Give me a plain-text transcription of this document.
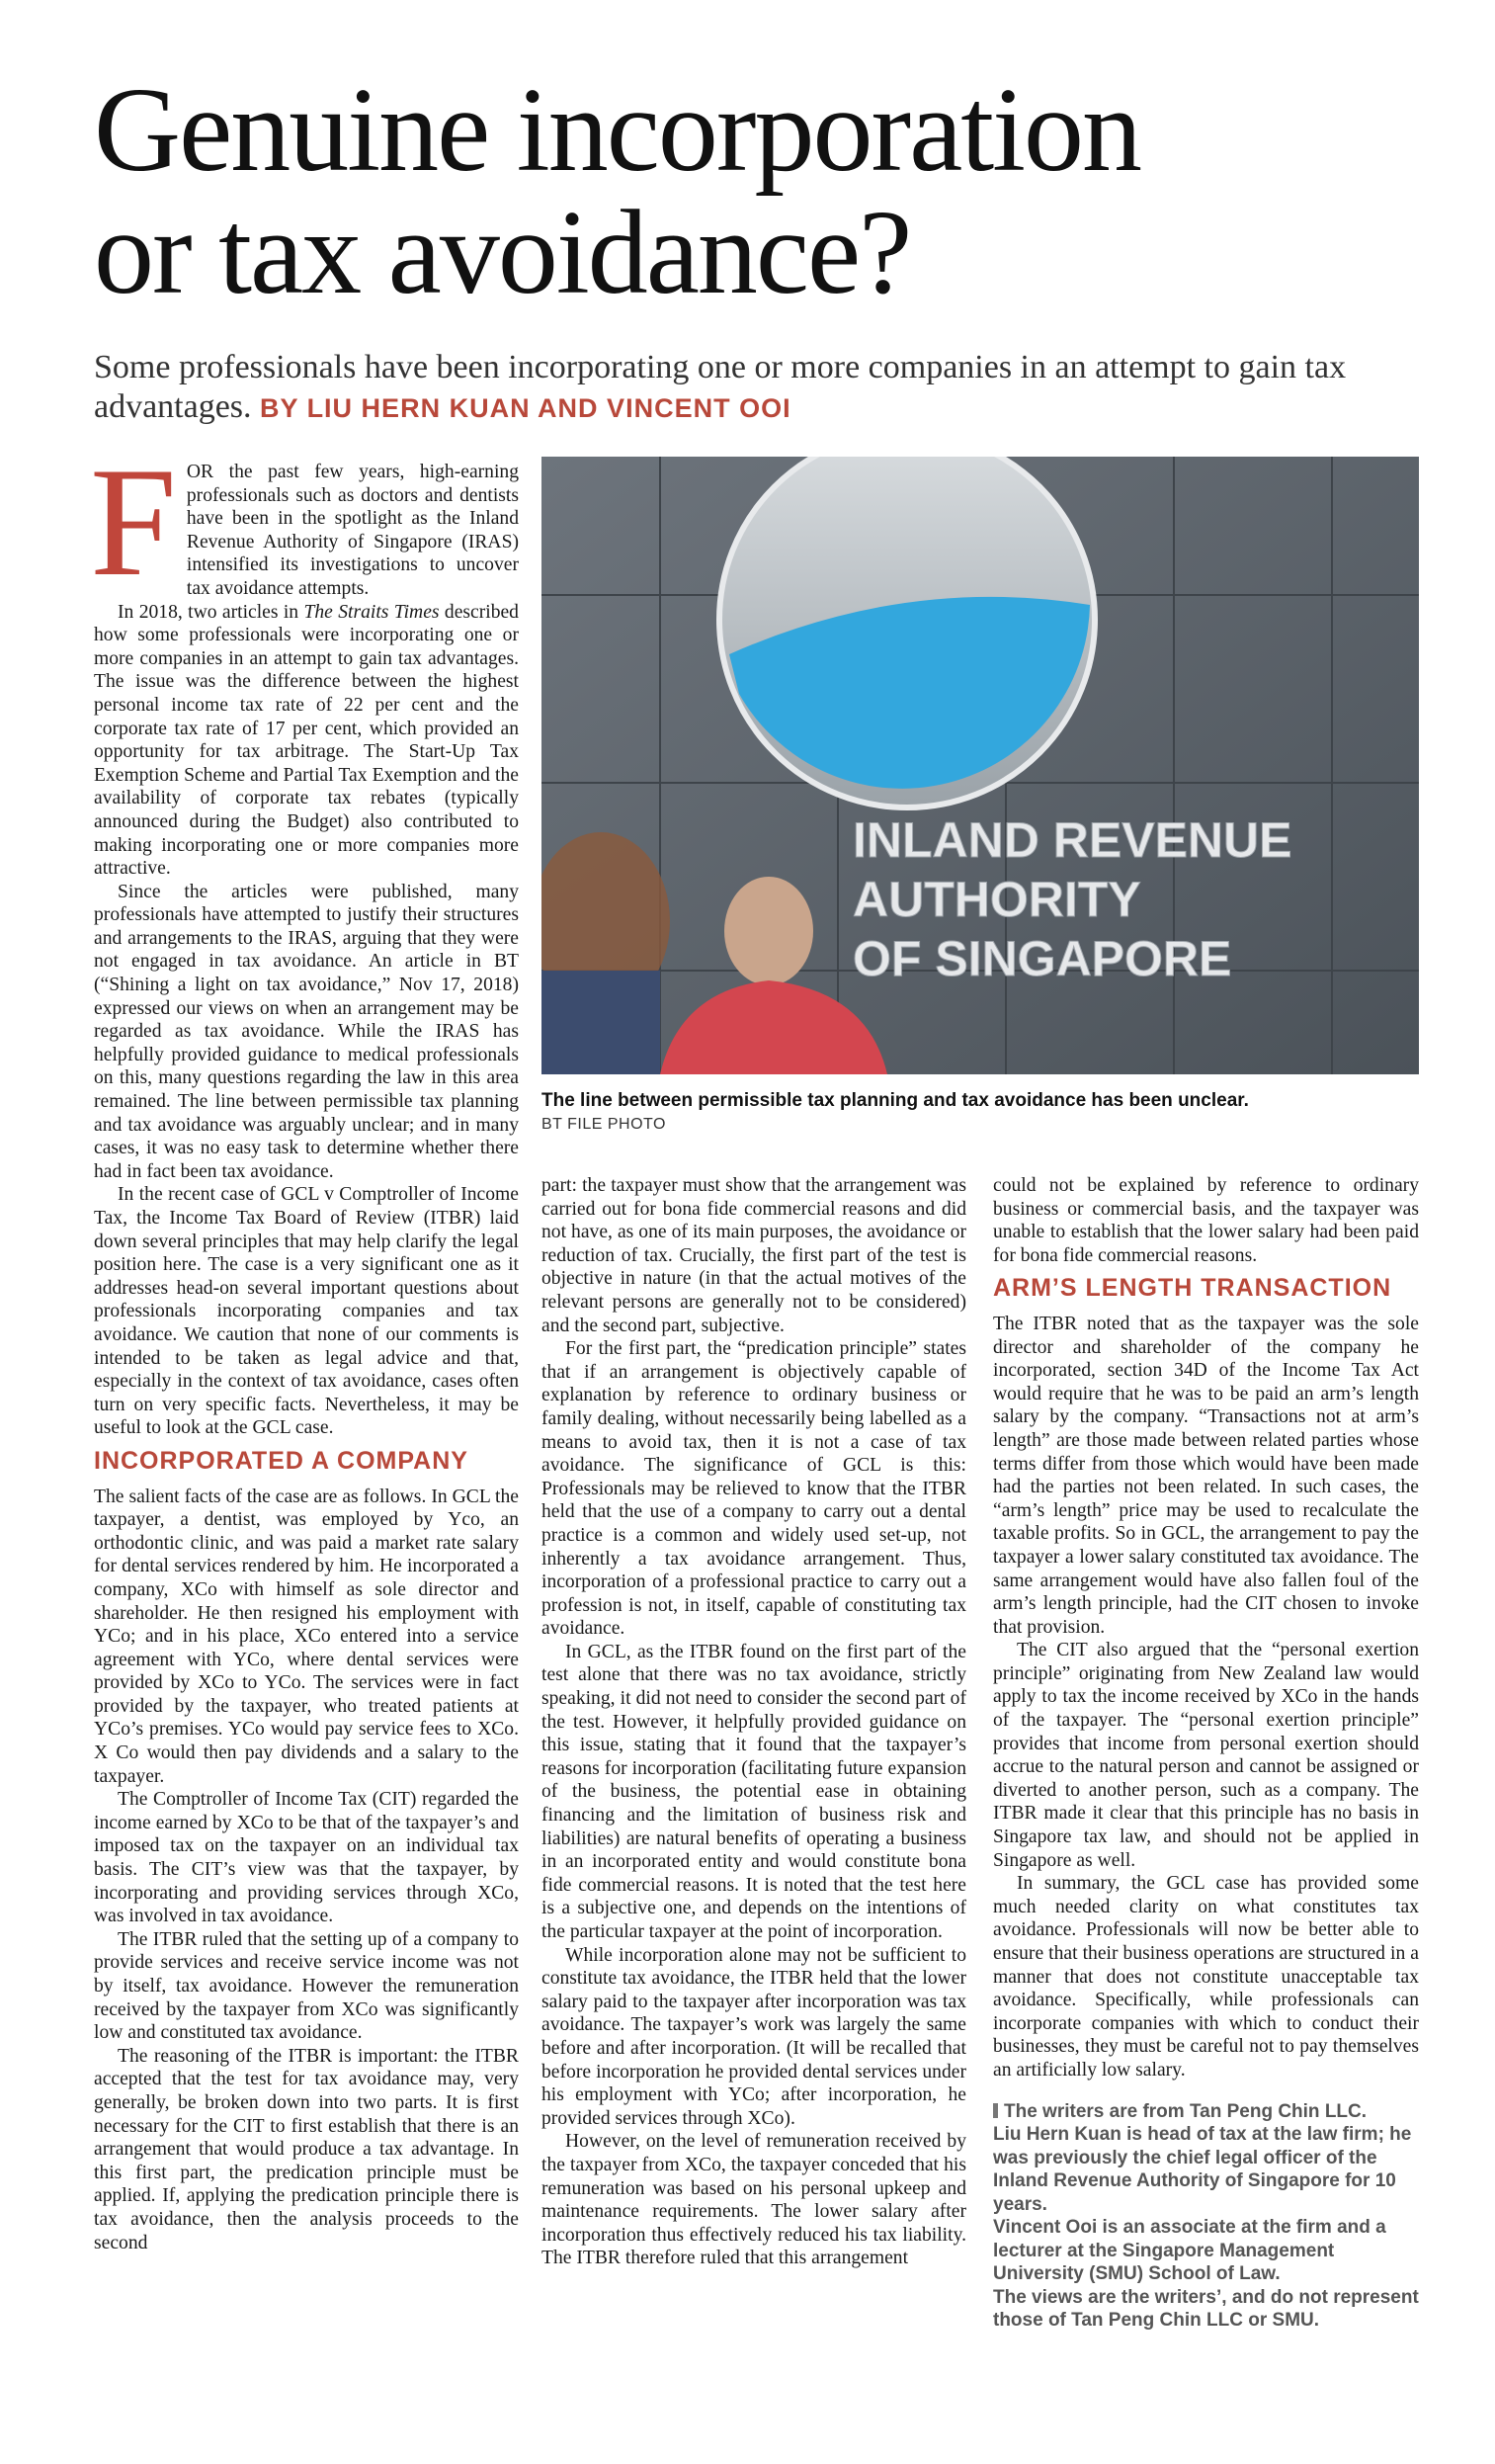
Genuine incorporation
or tax avoidance?
Some professionals have been incorporating one or more companies in an attempt to gain tax advantages. BY LIU HERN KUAN AND VINCENT OOI
INLAND REVENUE
AUTHORITY
OF SINGAPORE
The line between permissible tax planning and tax avoidance has been unclear.
BT FILE PHOTO

FOR the past few years, high-earning professionals such as doctors and dentists have been in the spotlight as the Inland Revenue Authority of Singapore (IRAS) intensified its investigations to uncover tax avoidance attempts.

In 2018, two articles in The Straits Times described how some professionals were incorporating one or more companies in an attempt to gain tax advantages. The issue was the difference between the highest personal income tax rate of 22 per cent and the corporate tax rate of 17 per cent, which provided an opportunity for tax arbitrage. The Start-Up Tax Exemption Scheme and Partial Tax Exemption and the availability of corporate tax rebates (typically announced during the Budget) also contributed to making incorporating one or more companies more attractive.

Since the articles were published, many professionals have attempted to justify their structures and arrangements to the IRAS, arguing that they were not engaged in tax avoidance. An article in BT (“Shining a light on tax avoidance,” Nov 17, 2018) expressed our views on when an arrangement may be regarded as tax avoidance. While the IRAS has helpfully provided guidance to medical professionals on this, many questions regarding the law in this area remained. The line between permissible tax planning and tax avoidance was arguably unclear; and in many cases, it was no easy task to determine whether there had in fact been tax avoidance.

In the recent case of GCL v Comptroller of Income Tax, the Income Tax Board of Review (ITBR) laid down several principles that may help clarify the legal position here. The case is a very significant one as it addresses head-on several important questions about professionals incorporating companies and tax avoidance. We caution that none of our comments is intended to be taken as legal advice and that, especially in the context of tax avoidance, cases often turn on very specific facts. Nevertheless, it may be useful to look at the GCL case.

INCORPORATED A COMPANY

The salient facts of the case are as follows. In GCL the taxpayer, a dentist, was employed by Yco, an orthodontic clinic, and was paid a market rate salary for dental services rendered by him. He incorporated a company, XCo with himself as sole director and shareholder. He then resigned his employment with YCo; and in his place, XCo entered into a service agreement with YCo, where dental services were provided by XCo to YCo. The services were in fact provided by the taxpayer, who treated patients at YCo’s premises. YCo would pay service fees to XCo. X Co would then pay dividends and a salary to the taxpayer.

The Comptroller of Income Tax (CIT) regarded the income earned by XCo to be that of the taxpayer’s and imposed tax on the taxpayer on an individual tax basis. The CIT’s view was that the taxpayer, by incorporating and providing services through XCo, was involved in tax avoidance.

The ITBR ruled that the setting up of a company to provide services and receive service income was not by itself, tax avoidance. However the remuneration received by the taxpayer from XCo was significantly low and constituted tax avoidance.

The reasoning of the ITBR is important: the ITBR accepted that the test for tax avoidance may, very generally, be broken down into two parts. It is first necessary for the CIT to first establish that there is an arrangement that would produce a tax advantage. In this first part, the predication principle must be applied. If, applying the predication principle there is tax avoidance, then the analysis proceeds to the second

part: the taxpayer must show that the arrangement was carried out for bona fide commercial reasons and did not have, as one of its main purposes, the avoidance or reduction of tax. Crucially, the first part of the test is objective in nature (in that the actual motives of the relevant persons are generally not to be considered) and the second part, subjective.

For the first part, the “predication principle” states that if an arrangement is objectively capable of explanation by reference to ordinary business or family dealing, without necessarily being labelled as a means to avoid tax, then it is not a case of tax avoidance. The significance of GCL is this: Professionals may be relieved to know that the ITBR held that the use of a company to carry out a dental practice is a common and widely used set-up, not inherently a tax avoidance arrangement. Thus, incorporation of a professional practice to carry out a profession is not, in itself, capable of constituting tax avoidance.

In GCL, as the ITBR found on the first part of the test alone that there was no tax avoidance, strictly speaking, it did not need to consider the second part of the test. However, it helpfully provided guidance on this issue, stating that it found that the taxpayer’s reasons for incorporation (facilitating future expansion of the business, the potential ease in obtaining financing and the limitation of business risk and liabilities) are natural benefits of operating a business in an incorporated entity and would constitute bona fide commercial reasons. It is noted that the test here is a subjective one, and depends on the intentions of the particular taxpayer at the point of incorporation.

While incorporation alone may not be sufficient to constitute tax avoidance, the ITBR held that the lower salary paid to the taxpayer after incorporation was tax avoidance. The taxpayer’s work was largely the same before and after incorporation. (It will be recalled that before incorporation he provided dental services under his employment with YCo; after incorporation, he provided services through XCo).

However, on the level of remuneration received by the taxpayer from XCo, the taxpayer conceded that his remuneration was based on his personal upkeep and maintenance requirements. The lower salary after incorporation thus effectively reduced his tax liability. The ITBR therefore ruled that this arrangement

could not be explained by reference to ordinary business or commercial basis, and the taxpayer was unable to establish that the lower salary had been paid for bona fide commercial reasons.

ARM’S LENGTH TRANSACTION

The ITBR noted that as the taxpayer was the sole director and shareholder of the company he incorporated, section 34D of the Income Tax Act would require that he was to be paid an arm’s length salary by the company. “Transactions not at arm’s length” are those made between related parties whose terms differ from those which would have been made had the parties not been related. In such cases, the “arm’s length” price may be used to recalculate the taxable profits. So in GCL, the arrangement to pay the taxpayer a lower salary constituted tax avoidance. The same arrangement would have also fallen foul of the arm’s length principle, had the CIT chosen to invoke that provision.

The CIT also argued that the “personal exertion principle” originating from New Zealand law would apply to tax the income received by XCo in the hands of the taxpayer. The “personal exertion principle” provides that income from personal exertion should accrue to the natural person and cannot be assigned or diverted to another person, such as a company. The ITBR made it clear that this principle has no basis in Singapore tax law, and should not be applied in Singapore as well.

In summary, the GCL case has provided some much needed clarity on what constitutes tax avoidance. Professionals will now be better able to ensure that their business operations are structured in a manner that does not constitute unacceptable tax avoidance. Specifically, while professionals can incorporate companies with which to conduct their businesses, they must be careful not to pay themselves an artificially low salary.

The writers are from Tan Peng Chin LLC.
Liu Hern Kuan is head of tax at the law firm; he was previously the chief legal officer of the Inland Revenue Authority of Singapore for 10 years.
Vincent Ooi is an associate at the firm and a lecturer at the Singapore Management University (SMU) School of Law.
The views are the writers’, and do not represent those of Tan Peng Chin LLC or SMU.
